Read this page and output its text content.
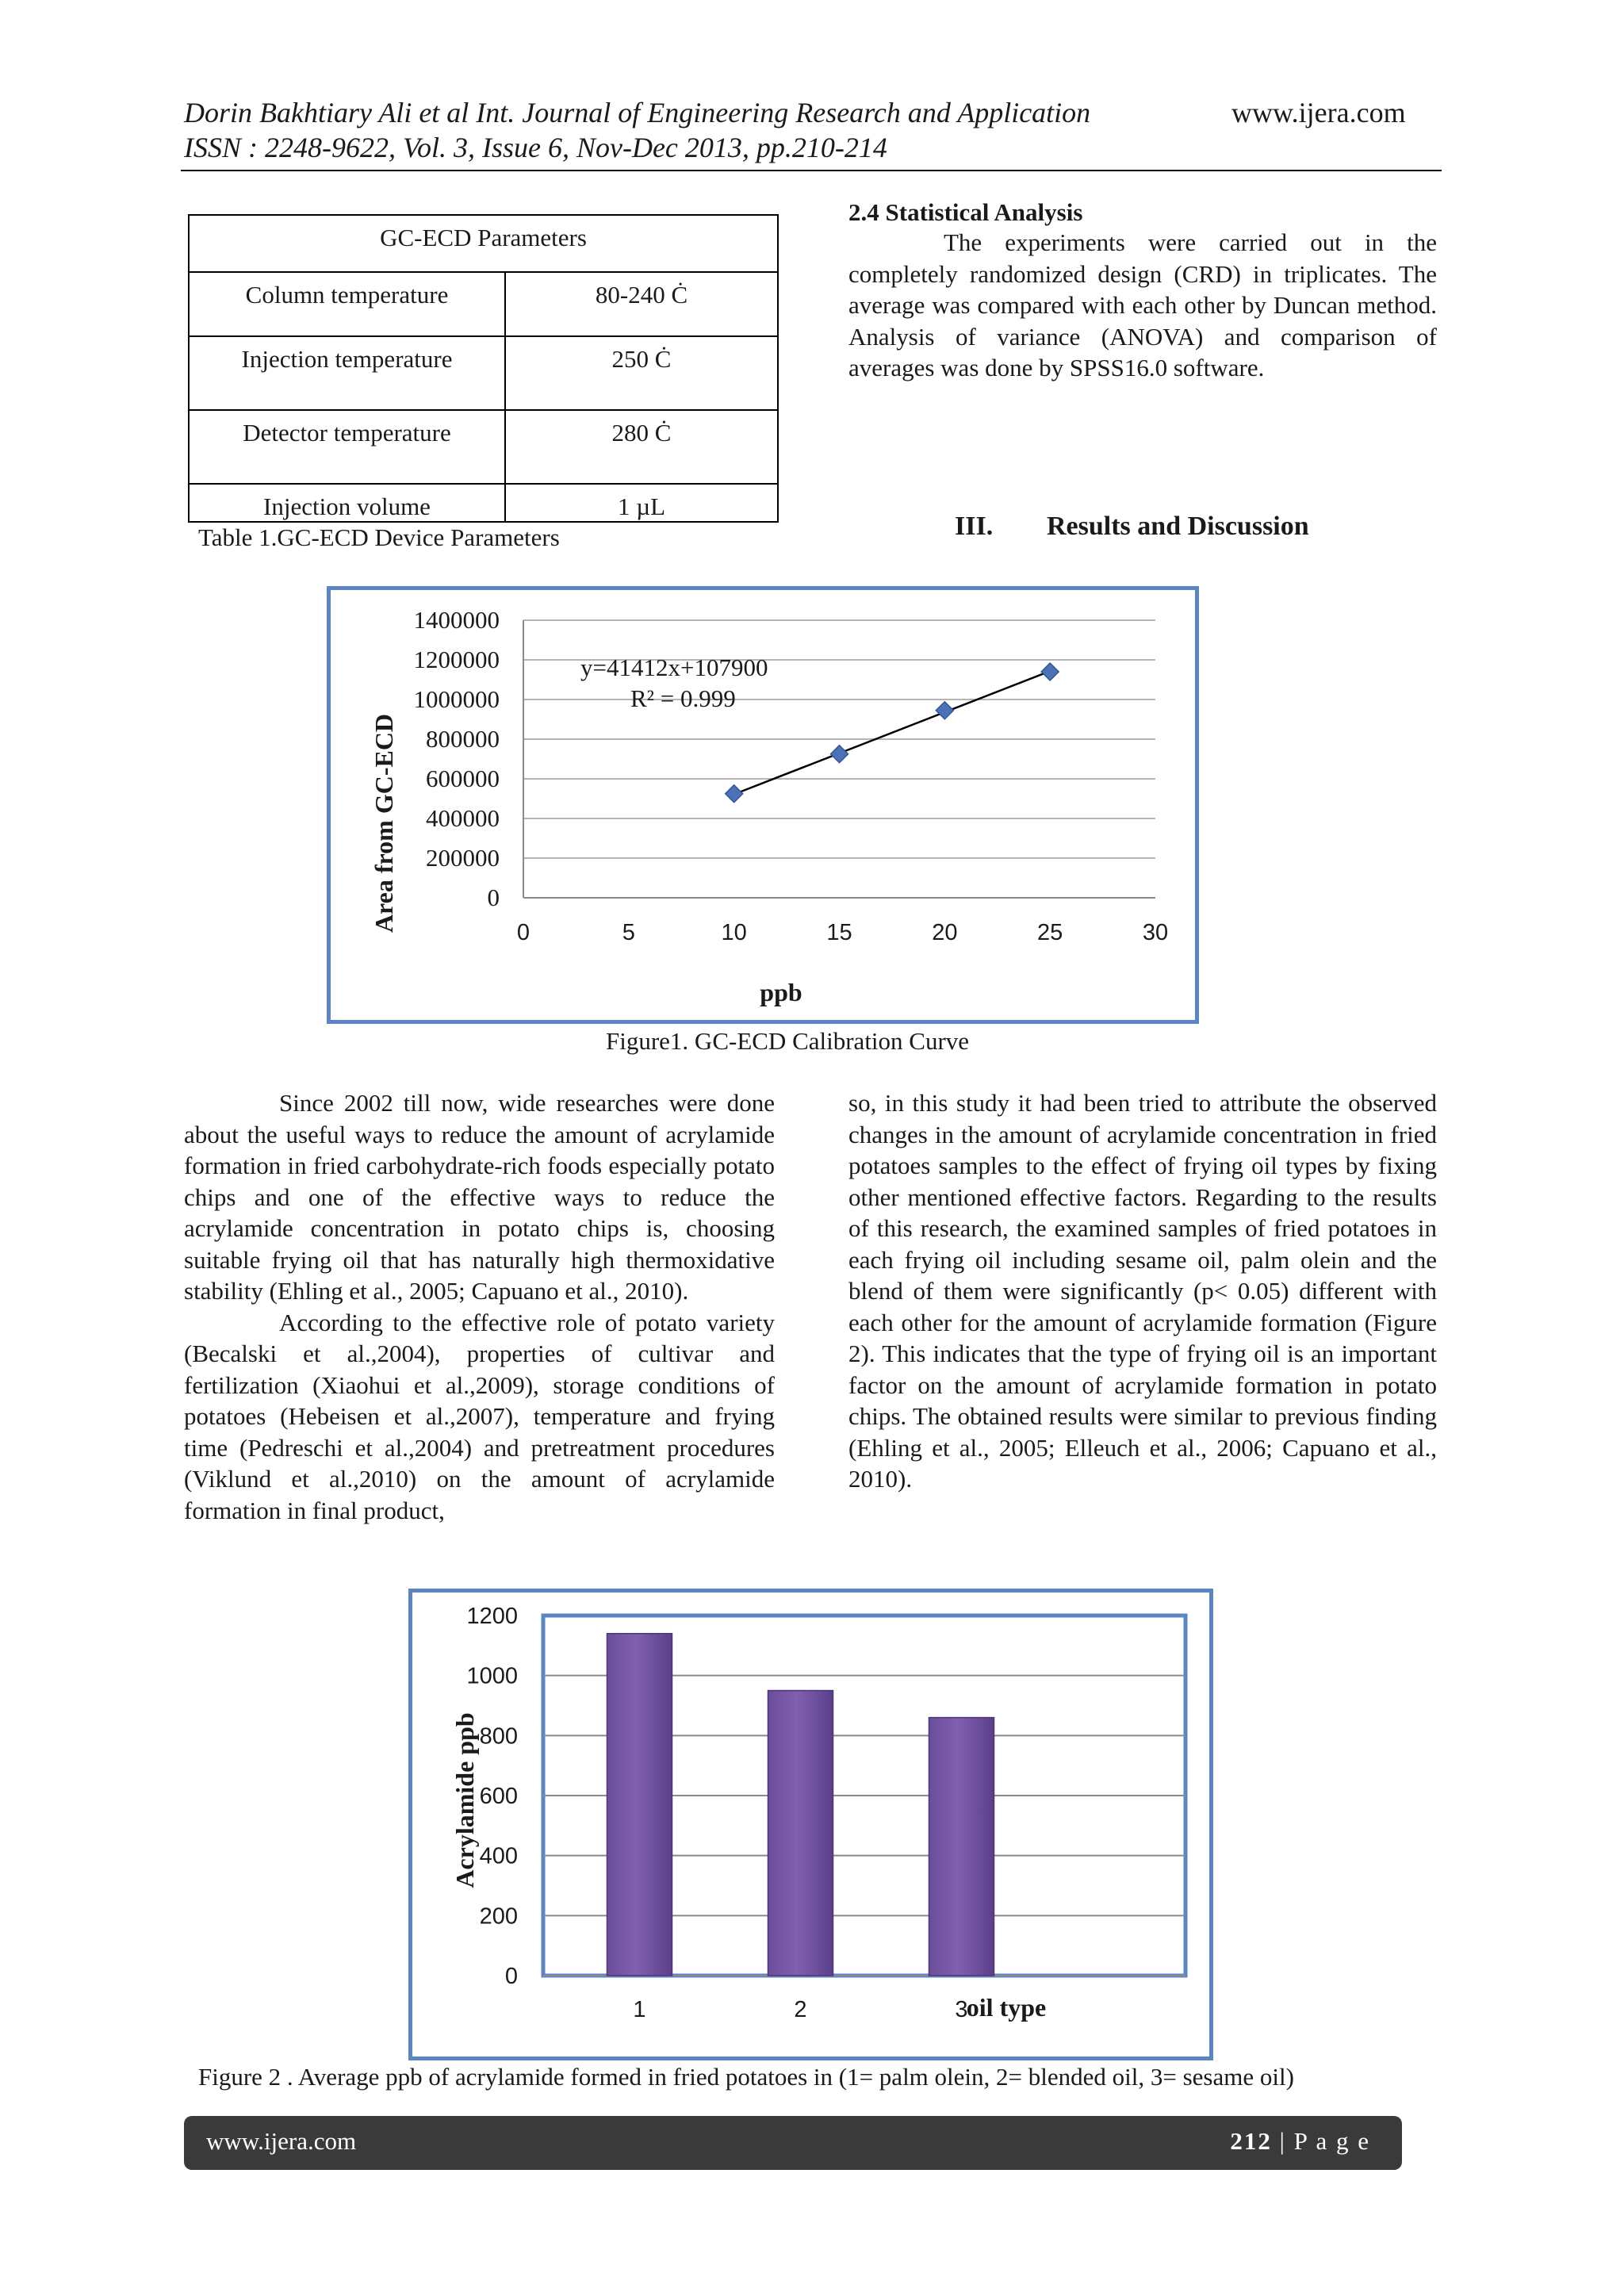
Dorin Bakhtiary Ali et al Int. Journal of Engineering Research and Application	www.ijera.com
ISSN : 2248-9622, Vol. 3, Issue 6, Nov-Dec 2013, pp.210-214
GC-ECD Parameters	
Column temperature	80-240 Ċ
Injection temperature	250 Ċ
Detector temperature	280 Ċ
Injection volume	1 µL
Table 1.GC-ECD Device Parameters
2.4 Statistical Analysis

The experiments were carried out in the completely randomized design (CRD) in triplicates. The average was compared with each other by Duncan method. Analysis of variance (ANOVA) and comparison of averages was done by SPSS16.0 software.

III. Results and Discussion
0
200000
400000
600000
800000
1000000
1200000
1400000
0	5	10	15	20	25	30
y=41412x+107900
R² = 0.999
Area from GC-ECD
ppb
Figure1. GC-ECD Calibration Curve

Since 2002 till now, wide researches were done about the useful ways to reduce the amount of acrylamide formation in fried carbohydrate-rich foods especially potato chips and one of the effective ways to reduce the acrylamide concentration in potato chips is, choosing suitable frying oil that has naturally high thermoxidative stability (Ehling et al., 2005; Capuano et al., 2010).

According to the effective role of potato variety (Becalski et al.,2004), properties of cultivar and fertilization (Xiaohui et al.,2009), storage conditions of potatoes (Hebeisen et al.,2007), temperature and frying time (Pedreschi et al.,2004) and pretreatment procedures (Viklund et al.,2010) on the amount of acrylamide formation in final product,

so, in this study it had been tried to attribute the observed changes in the amount of acrylamide concentration in fried potatoes samples to the effect of frying oil types by fixing other mentioned effective factors. Regarding to the results of this research, the examined samples of fried potatoes in each frying oil including sesame oil, palm olein and the blend of them were significantly (p< 0.05) different with each other for the amount of acrylamide formation (Figure 2). This indicates that the type of frying oil is an important factor on the amount of acrylamide formation in potato chips. The obtained results were similar to previous finding (Ehling et al., 2005; Elleuch et al., 2006; Capuano et al., 2010).

0
200
400
600
800
1000
1200
1	2	3
Acrylamide ppb
oil type
Figure 2 . Average ppb of acrylamide formed in fried potatoes in (1= palm olein, 2= blended oil, 3= sesame oil)
www.ijera.com	212 | P a g e
